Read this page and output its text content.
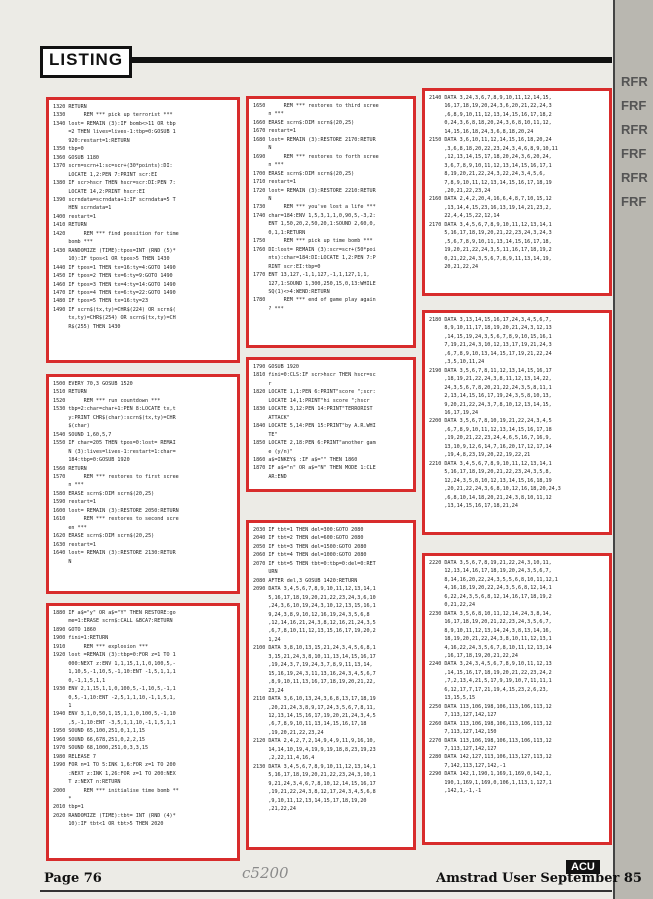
RFRFRFRFRFRFRFRFRF
LISTING
1320 RETURN
1330      REM *** pick up terrorist ***
1340 lost= REMAIN (3):IF bomb<>11 OR tbp
=2 THEN lives=lives-1:tbp=0:GOSUB 1
920:restart=1:RETURN
1350 tbp=0
1360 GOSUB 1180
1370 scrn=scrn+1:sc=scr+(30*points):DI:
LOCATE 1,2:PEN 7:PRINT scr:EI
1380 IF scr>hscr THEN hscr=scr:DI:PEN 7:
LOCATE 14,2:PRINT hscr:EI
1390 scrndata=scrndata+1:IF scrndata=5 T
HEN scrndata=1
1400 restart=1
1410 RETURN
1420      REM *** find possition for time
bomb ***
1430 RANDOMIZE (TIME):tpos=INT (RND (5)*
10):IF tpos<1 OR tpos>5 THEN 1430
1440 IF tpos=1 THEN tx=16:ty=4:GOTO 1490
1450 IF tpos=2 THEN tx=6:ty=9:GOTO 1490
1460 IF tpos=3 THEN tx=4:ty=14:GOTO 1490
1470 IF tpos=4 THEN tx=6:ty=22:GOTO 1490
1480 IF tpos=5 THEN tx=16:ty=23
1490 IF scrn$(tx,ty)=CHR$(224) OR scrn$(
tx,ty)=CHR$(254) OR scrn$(tx,ty)=CH
R$(255) THEN 1430
1500 EVERY 70,3 GOSUB 1520
1510 RETURN
1520      REM *** run countdown ***
1530 tbp=2:char=char+1:PEN 8:LOCATE tx,t
y:PRINT CHR$(char):scrn$(tx,ty)=CHR
$(char)
1540 SOUND 1,60,5,7
1550 IF char=205 THEN tpos=0:lost= REMAI
N (3):lives=lives-1:restart=1:char=
184:tbp=0:GOSUB 1920
1560 RETURN
1570      REM *** restores to first scree
n ***
1580 ERASE scrn$:DIM scrn$(20,25)
1590 restart=1
1600 lost= REMAIN (3):RESTORE 2050:RETURN
1610      REM *** restores to second scre
en ***
1620 ERASE scrn$:DIM scrn$(20,25)
1630 restart=1
1640 lost= REMAIN (3):RESTORE 2130:RETUR
N
1880 IF a$="y" OR a$="Y" THEN RESTORE:go
me=1:ERASE scrn$:CALL &BCA7:RETURN
1890 GOTO 1860
1900 fini=1:RETURN
1910      REM *** explosion ***
1920 lost =REMAIN (3):tbp=0:FOR z=1 TO 1
000:NEXT z:ENV 1,1,15,1,1,0,100,5,-
1,10,5,-1,10,5,-1,10:ENT -1,5,1,1,1
0,-1,1,5,1,1
1930 ENV 2,1,15,1,1,0,100,5,-1,10,5,-1,1
0,5,-1,10:ENT -2,5,1,1,10,-1,1,5,1,
1
1940 ENV 3,1,0,50,1,15,1,1,0,100,5,-1,10
,5,-1,10:ENT -3,5,1,1,10,-1,1,5,1,1
1950 SOUND 65,100,251,0,1,1,15
1960 SOUND 66,678,251,0,2,2,15
1970 SOUND 68,1000,251,0,3,3,15
1980 RELEASE 7
1990 FOR n=1 TO 5:INK 1,6:FOR z=1 TO 200
:NEXT z:INK 1,26:FOR z=1 TO 200:NEX
T z:NEXT n:RETURN
2000      REM *** initialise time bomb **
*
2010 tbp=1
2020 RANDOMIZE (TIME):tbt= INT (RND (4)*
10):IF tbt<1 OR tbt>5 THEN 2020
1650      REM *** restores to third scree
n ***
1660 ERASE scrn$:DIM scrn$(20,25)
1670 restart=1
1680 lost= REMAIN (3):RESTORE 2170:RETUR
N
1690      REM *** restores to forth scree
n ***
1700 ERASE scrn$:DIM scrn$(20,25)
1710 restart=1
1720 lost= REMAIN (3):RESTORE 2210:RETUR
N
1730      REM *** you've lost a life ***
1740 char=184:ENV 1,5,3,1,1,0,90,5,-3,2:
ENT 1,50,20,2,50,20,1:SOUND 2,60,0,
0,1,1:RETURN
1750      REM *** pick up time bomb ***
1760 DI:lost= REMAIN (3):scr=scr+(50*poi
nts):char=184:DI:LOCATE 1,2:PEN 7:P
RINT scr:EI:tbp=0
1770 ENT 13,127,-1,1,127,-1,1,127,1,1,
127,1:SOUND 1,300,250,15,0,13:WHILE
SQ(1)<>4:WEND:RETURN
1780      REM *** end of game play again
? ***
1790 GOSUB 1920
1810 fini=0:CLS:IF scr>hscr THEN hscr=sc
r
1820 LOCATE 1,1:PEN 6:PRINT"score ";scr:
LOCATE 14,1:PRINT"hi score ";hscr
1830 LOCATE 3,12:PEN 14:PRINT"TERRORIST
ATTACK"
1840 LOCATE 5,14:PEN 15:PRINT"by A.R.WHI
TE"
1850 LOCATE 2,18:PEN 6:PRINT"another gam
e (y/n)"
1860 a$=INKEY$ :IF a$="" THEN 1860
1870 IF a$="n" OR a$="N" THEN MODE 1:CLE
AR:END
2030 IF tbt=1 THEN del=300:GOTO 2080
2040 IF tbt=2 THEN del=600:GOTO 2080
2050 IF tbt=3 THEN del=1500:GOTO 2080
2060 IF tbt=4 THEN del=1000:GOTO 2080
2070 IF tbt=5 THEN tbt=0:tbp=0:del=0:RET
URN
2080 AFTER del,3 GOSUB 1420:RETURN
2090 DATA 3,4,5,6,7,8,9,10,11,12,13,14,1
5,16,17,18,19,20,21,22,23,24,3,6,10
,24,3,6,10,19,24,3,10,12,13,15,16,1
9,24,3,8,9,10,12,16,19,24,3,5,6,8
,12,14,16,21,24,3,8,12,16,21,24,3,5
,6,7,8,10,11,12,13,15,16,17,19,20,2
1,24
2100 DATA 3,8,10,13,15,21,24,3,4,5,6,8,1
3,15,21,24,3,8,10,11,13,14,15,16,17
,19,24,3,7,19,24,3,7,8,9,11,13,14,
15,16,19,24,3,11,13,16,24,3,4,5,6,7
,8,9,10,11,13,16,17,18,19,20,21,22,
23,24
2110 DATA 3,6,10,13,24,3,6,8,13,17,18,19
,20,21,24,3,8,9,17,24,3,5,6,7,8,11,
12,13,14,15,16,17,19,20,21,24,3,4,5
,6,7,8,9,10,11,13,14,15,16,17,18
,19,20,21,22,23,24
2120 DATA 2,4,2,7,2,14,9,4,9,11,9,16,10,
14,14,10,19,4,19,9,19,18,8,23,19,23
,2,22,11,4,16,4
2130 DATA 3,4,5,6,7,8,9,10,11,12,13,14,1
5,16,17,18,19,20,21,22,23,24,3,10,1
9,21,24,3,4,6,7,8,10,12,14,15,16,17
,19,21,22,24,3,8,12,17,24,3,4,5,6,8
,9,10,11,12,13,14,15,17,18,19,20
,21,22,24
2140 DATA 3,24,3,6,7,8,9,10,11,12,14,15,
16,17,18,19,20,24,3,6,20,21,22,24,3
,6,8,9,10,11,12,13,14,15,16,17,18,2
0,24,3,6,8,18,20,24,3,6,8,10,11,12,
14,15,16,18,24,3,6,8,18,20,24
2150 DATA 3,6,10,11,12,14,15,16,18,20,24
,3,6,8,18,20,22,23,24,3,4,6,8,9,10,11
,12,13,14,15,17,18,20,24,3,6,20,24,
3,6,7,8,9,10,11,12,13,14,15,16,17,1
8,19,20,21,22,24,3,22,24,3,4,5,6,
7,8,9,10,11,12,13,14,15,16,17,18,19
,20,21,22,23,24
2160 DATA 2,4,2,20,4,16,6,4,8,7,10,15,12
,13,14,4,15,23,16,13,19,14,21,23,2,
22,4,4,15,22,12,14
2170 DATA 3,4,5,6,7,8,9,10,11,12,13,14,1
5,16,17,18,19,20,21,22,23,24,3,24,3
,5,6,7,8,9,10,11,13,14,15,16,17,18,
19,20,21,22,24,3,5,11,16,17,18,19,2
0,21,22,24,3,5,6,7,8,9,11,13,14,19,
20,21,22,24
2180 DATA 3,13,14,15,16,17,24,3,4,5,6,7,
8,9,10,11,17,18,19,20,21,24,3,12,13
,14,15,19,24,3,5,6,7,8,9,10,15,16,1
7,19,21,24,3,10,12,13,17,19,21,24,3
,6,7,8,9,10,13,14,15,17,19,21,22,24
,3,5,10,11,24
2190 DATA 3,5,6,7,8,11,12,13,14,15,16,17
,18,19,21,22,24,3,8,11,12,13,14,22,
24,3,5,6,7,8,20,21,22,24,3,5,8,11,1
2,13,14,15,16,17,19,24,3,5,8,10,13,
9,20,21,22,24,3,7,8,10,12,13,14,15,
16,17,19,24
2200 DATA 3,5,6,7,8,10,19,21,22,24,3,4,5
,6,7,8,9,10,11,12,13,14,15,16,17,18
,19,20,21,22,23,24,4,6,5,16,7,16,9,
13,10,9,12,6,14,7,16,20,17,12,17,14
,19,4,8,23,19,20,22,19,22,21
2210 DATA 3,4,5,6,7,8,9,10,11,12,13,14,1
5,16,17,18,19,20,21,22,23,24,3,5,8,
12,24,3,5,8,10,12,13,14,15,16,18,19
,20,21,22,24,3,6,8,10,12,16,18,20,24,3
,6,8,10,14,18,20,21,24,3,8,10,11,12
,13,14,15,16,17,18,21,24
2220 DATA 3,5,6,7,8,19,21,22,24,3,10,11,
12,13,14,16,17,18,19,20,24,3,5,6,7,
8,14,16,20,22,24,3,5,5,6,8,10,11,12,1
4,16,18,19,20,22,24,3,5,6,8,12,14,1
6,22,24,3,5,6,8,12,14,16,17,18,19,2
0,21,22,24
2230 DATA 3,5,6,8,10,11,12,14,24,3,8,14,
16,17,18,19,20,21,22,23,24,3,5,6,7,
8,9,10,11,12,13,14,24,3,8,13,14,16,
18,19,20,21,22,24,3,8,10,11,12,13,1
4,16,22,24,3,5,6,7,8,10,11,12,13,14
,16,17,18,19,20,21,22,24
2240 DATA 3,24,3,4,5,6,7,8,9,10,11,12,13
,14,15,16,17,18,19,20,21,22,23,24,2
,7,2,13,4,21,5,17,9,19,10,7,11,11,1
6,12,17,7,17,21,19,4,15,23,2,6,23,
13,15,5,15
2250 DATA 113,106,198,106,113,106,113,12
7,113,127,142,127
2260 DATA 113,106,198,106,113,106,113,12
7,113,127,142,150
2270 DATA 113,106,198,106,113,106,113,12
7,113,127,142,127
2280 DATA 142,127,113,106,113,127,113,12
7,142,113,127,142,-1
2290 DATA 142,1,190,1,169,1,169,0,142,1,
190,1,169,1,169,0,106,1,113,1,127,1
,142,1,-1,-1
ACU
Page 76	c5200	Amstrad User September 85
